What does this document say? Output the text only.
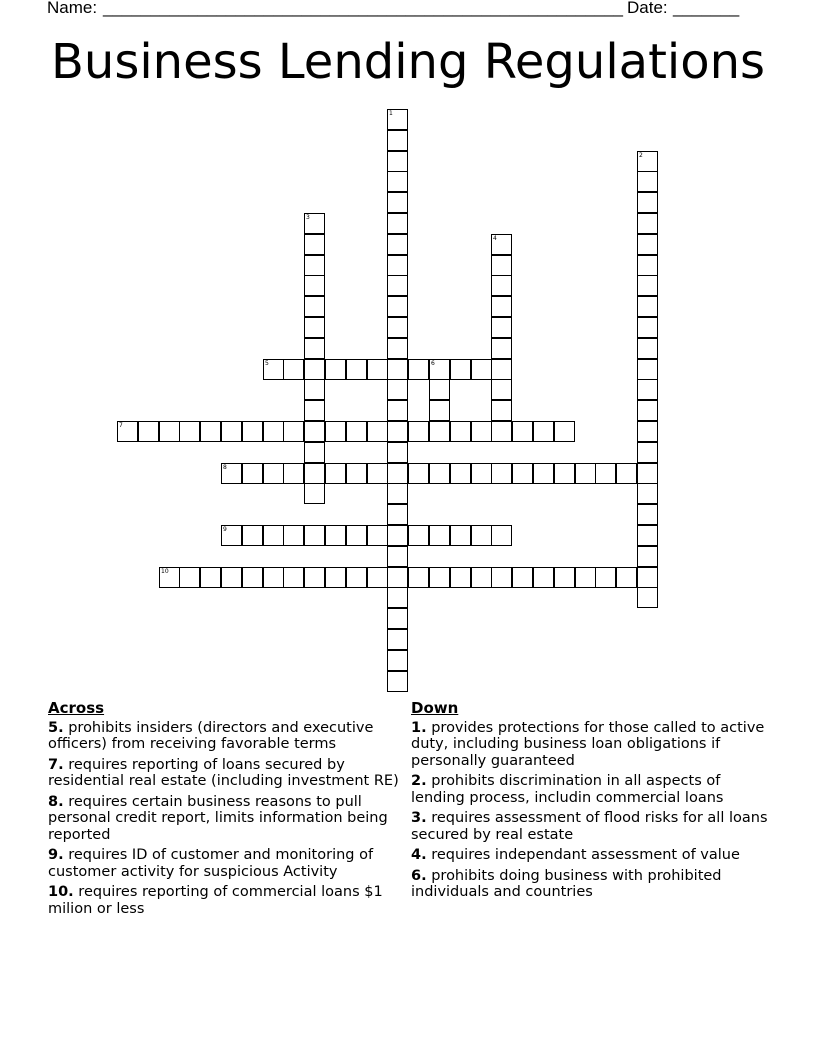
Name: _______________________________________________________ Date: _______
Business Lending Regulations
1
2
3
4
5	6
7
8
9
10
Across
5. prohibits insiders (directors and executive officers) from receiving favorable terms
7. requires reporting of loans secured by residential real estate (including investment RE)
8. requires certain business reasons to pull personal credit report, limits information being reported
9. requires ID of customer and monitoring of customer activity for suspicious Activity
10. requires reporting of commercial loans $1 milion or less
Down
1. provides protections for those called to active duty, including business loan obligations if personally guaranteed
2. prohibits discrimination in all aspects of lending process, includin commercial loans
3. requires assessment of flood risks for all loans secured by real estate
4. requires independant assessment of value
6. prohibits doing business with prohibited individuals and countries
